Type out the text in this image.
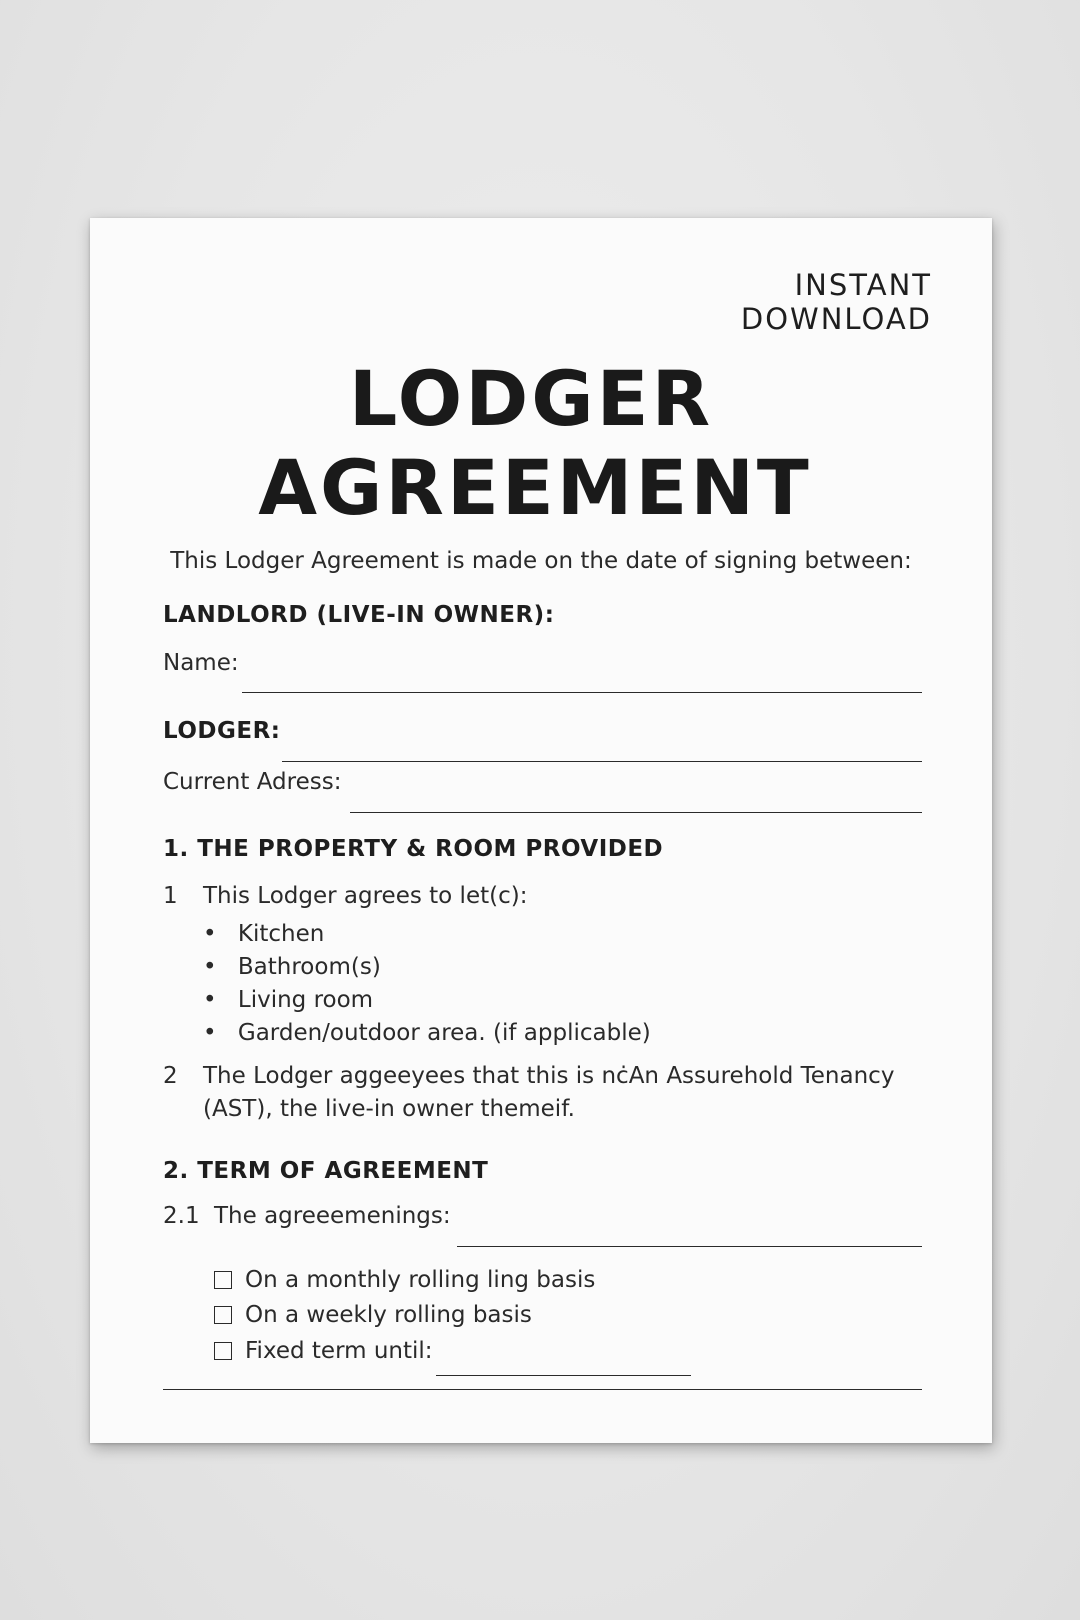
INSTANT
DOWNLOAD
LODGER
AGREEMENT
This Lodger Agreement is made on the date of signing between:
LANDLORD (LIVE-IN OWNER):
Name:
LODGER:
Current Adress:
1. THE PROPERTY & ROOM PROVIDED
1 This Lodger agrees to let(c):
• Kitchen
• Bathroom(s)
• Living room
• Garden/outdoor area. (if applicable)
2 The Lodger aggeeyees that this is nċAn Assurehold Tenancy
(AST), the live-in owner themeif.
2. TERM OF AGREEMENT
2.1 The agreeemenings:
On a monthly rolling ling basis
On a weekly rolling basis
Fixed term until:
